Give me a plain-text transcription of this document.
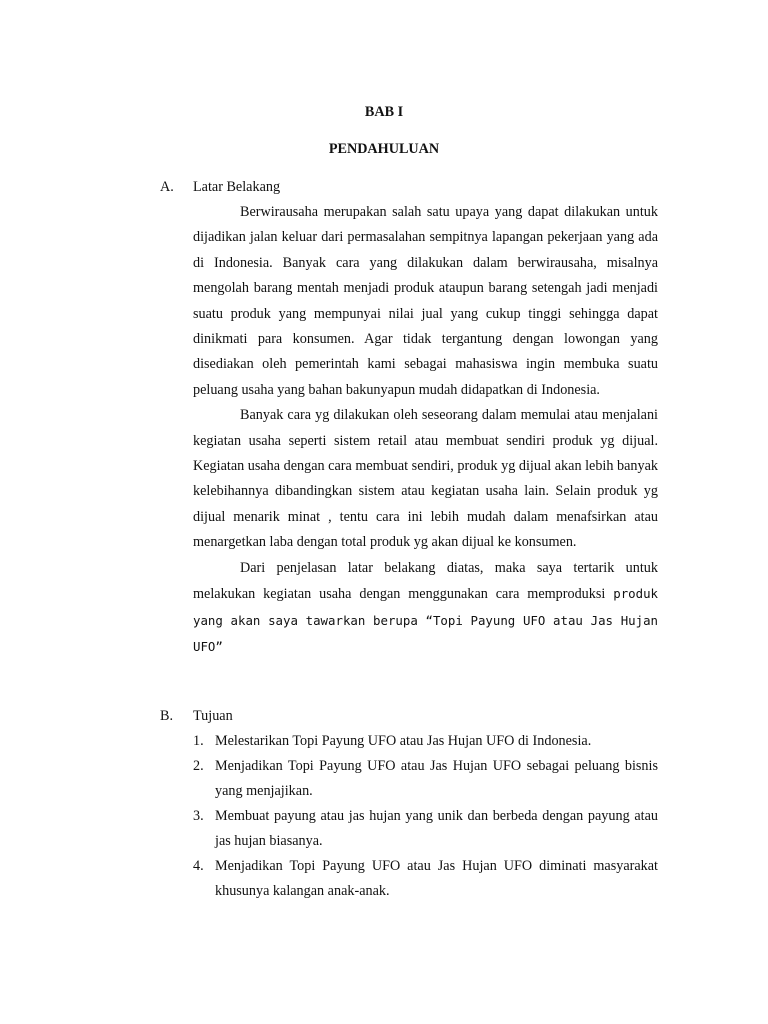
BAB I

PENDAHULUAN

A. Latar Belakang

Berwirausaha merupakan salah satu upaya yang dapat dilakukan untuk dijadikan jalan keluar dari permasalahan sempitnya lapangan pekerjaan yang ada di Indonesia. Banyak cara yang dilakukan dalam berwirausaha, misalnya mengolah barang mentah menjadi produk ataupun barang setengah jadi menjadi suatu produk yang mempunyai nilai jual yang cukup tinggi sehingga dapat dinikmati para konsumen. Agar tidak tergantung dengan lowongan yang disediakan oleh pemerintah kami sebagai mahasiswa ingin membuka suatu peluang usaha yang bahan bakunyapun mudah didapatkan di Indonesia.

Banyak cara yg dilakukan oleh seseorang dalam memulai atau menjalani kegiatan usaha seperti sistem retail atau membuat sendiri produk yg dijual. Kegiatan usaha dengan cara membuat sendiri, produk yg dijual akan lebih banyak kelebihannya dibandingkan sistem atau kegiatan usaha lain. Selain produk yg dijual menarik minat , tentu cara ini lebih mudah dalam menafsirkan atau menargetkan laba dengan total produk yg akan dijual ke konsumen.

Dari penjelasan latar belakang diatas, maka saya tertarik untuk melakukan kegiatan usaha dengan menggunakan cara memproduksi produk yang akan saya tawarkan berupa “Topi Payung UFO atau Jas Hujan UFO”

B. Tujuan

1. Melestarikan Topi Payung UFO atau Jas Hujan UFO di Indonesia.
2. Menjadikan Topi Payung UFO atau Jas Hujan UFO sebagai peluang bisnis yang menjajikan.
3. Membuat payung atau jas hujan yang unik dan berbeda dengan payung atau jas hujan biasanya.
4. Menjadikan Topi Payung UFO atau Jas Hujan UFO diminati masyarakat khusunya kalangan anak-anak.
